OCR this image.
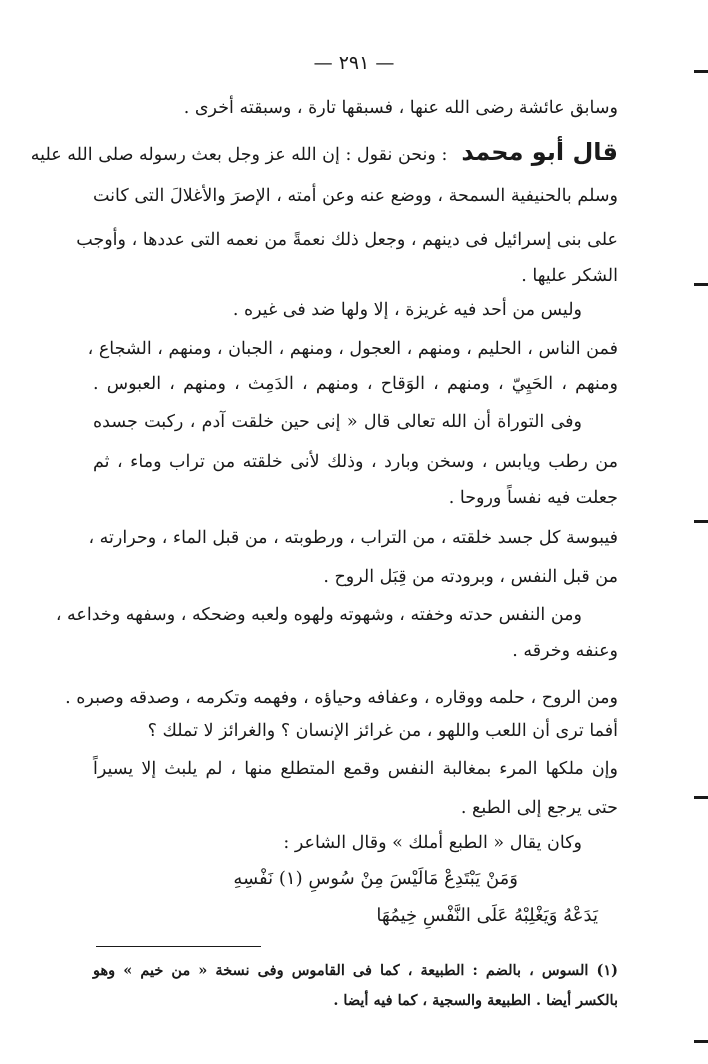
— ٢٩١ —
وسابق عائشة رضى الله عنها ، فسبقها تارة ، وسبقته أخرى .
قال أبو محمد: ونحن نقول : إن الله عز وجل بعث رسوله صلى الله عليه
وسلم بالحنيفية السمحة ، ووضع عنه وعن أمته ، الإصرَ والأغلالَ التى كانت
على بنى إسرائيل فى دينهم ، وجعل ذلك نعمةً من نعمه التى عددها ، وأوجب
الشكر عليها .
وليس من أحد فيه غريزة ، إلا ولها ضد فى غيره .
فمن الناس ، الحليم ، ومنهم ، العجول ، ومنهم ، الجبان ، ومنهم ، الشجاع ،
ومنهم ، الحَيِيّ ، ومنهم ، الوَقاح ، ومنهم ، الدَمِث ، ومنهم ، العبوس .
وفى التوراة أن الله تعالى قال « إنى حين خلقت آدم ، ركبت جسده
من رطب ويابس ، وسخن وبارد ، وذلك لأنى خلقته من تراب وماء ، ثم
جعلت فيه نفساً وروحا .
فيبوسة كل جسد خلقته ، من التراب ، ورطوبته ، من قبل الماء ، وحرارته ،
من قبل النفس ، وبرودته من قِبَل الروح .
ومن النفس حدته وخفته ، وشهوته ولهوه ولعبه وضحكه ، وسفهه وخداعه ،
وعنفه وخرقه .
ومن الروح ، حلمه ووقاره ، وعفافه وحياؤه ، وفهمه وتكرمه ، وصدقه وصبره .
أفما ترى أن اللعب واللهو ، من غرائز الإنسان ؟ والغرائز لا تملك ؟
وإن ملكها المرء بمغالبة النفس وقمع المتطلع منها ، لم يلبث إلا يسيراً
حتى يرجع إلى الطبع .
وكان يقال « الطبع أملك » وقال الشاعر :
وَمَنْ يَبْتَدِعْ مَالَيْسَ مِنْ سُوسِ (١) نَفْسِهِ
يَدَعْهُ وَيَغْلِبْهُ عَلَى النَّفْسِ خِيمُهَا
(١) السوس ، بالضم : الطبيعة ، كما فى القاموس وفى نسخة « من خيم » وهو
بالكسر أيضا . الطبيعة والسجية ، كما فيه أيضا .
